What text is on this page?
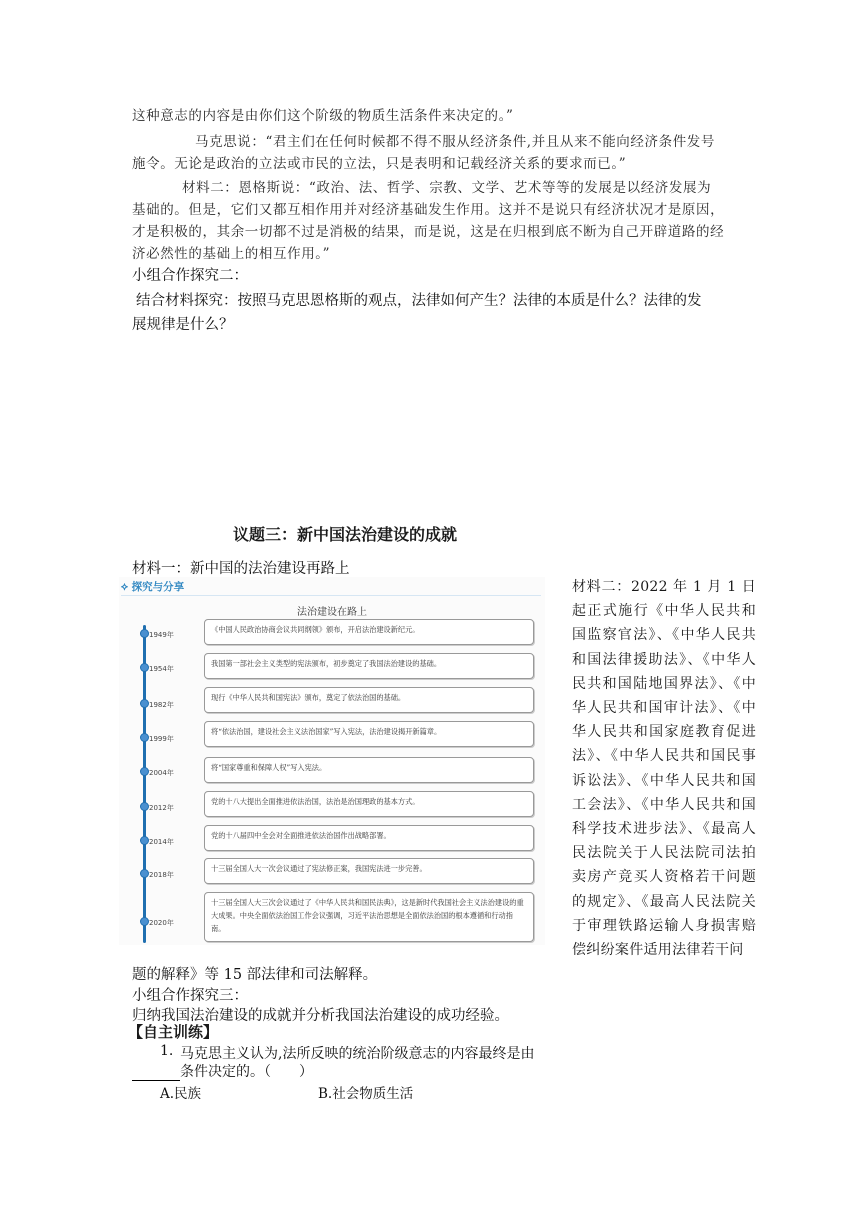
这种意志的内容是由你们这个阶级的物质生活条件来决定的。”
马克思说：“君主们在任何时候都不得不服从经济条件,并且从来不能向经济条件发号
施令。无论是政治的立法或市民的立法，只是表明和记载经济关系的要求而已。”
材料二：恩格斯说：“政治、法、哲学、宗教、文学、艺术等等的发展是以经济发展为
基础的。但是，它们又都互相作用并对经济基础发生作用。这并不是说只有经济状况才是原因，
才是积极的，其余一切都不过是消极的结果，而是说，这是在归根到底不断为自己开辟道路的经
济必然性的基础上的相互作用。”
小组合作探究二：
结合材料探究：按照马克思恩格斯的观点，法律如何产生？法律的本质是什么？法律的发
展规律是什么？
议题三：新中国法治建设的成就
材料一：新中国的法治建设再路上
⟡ 探究与分享
法治建设在路上
1949年
《中国人民政治协商会议共同纲领》颁布，开启法治建设新纪元。
1954年
我国第一部社会主义类型的宪法颁布，初步奠定了我国法治建设的基础。
1982年
现行《中华人民共和国宪法》颁布，奠定了依法治国的基础。
1999年
将“依法治国，建设社会主义法治国家”写入宪法，法治建设揭开新篇章。
2004年
将“国家尊重和保障人权”写入宪法。
2012年
党的十八大提出全面推进依法治国，法治是治国理政的基本方式。
2014年
党的十八届四中全会对全面推进依法治国作出战略部署。
2018年
十三届全国人大一次会议通过了宪法修正案，我国宪法进一步完善。
2020年
十三届全国人大三次会议通过了《中华人民共和国民法典》，这是新时代我国社会主义法治建设的重大成果。中央全面依法治国工作会议强调，习近平法治思想是全面依法治国的根本遵循和行动指南。
材料二：2022 年 1 月 1 日起正式施行《中华人民共和国监察官法》、《中华人民共和国法律援助法》、《中华人民共和国陆地国界法》、《中华人民共和国审计法》、《中华人民共和国家庭教育促进法》、《中华人民共和国民事诉讼法》、《中华人民共和国工会法》、《中华人民共和国科学技术进步法》、《最高人民法院关于人民法院司法拍卖房产竞买人资格若干问题的规定》、《最高人民法院关于审理铁路运输人身损害赔偿纠纷案件适用法律若干问
题的解释》等 15 部法律和司法解释。
小组合作探究三：
归纳我国法治建设的成就并分析我国法治建设的成功经验。
【自主训练】
1. 马克思主义认为,法所反映的统治阶级意志的内容最终是由
条件决定的。（　　）
A.民族	B.社会物质生活
